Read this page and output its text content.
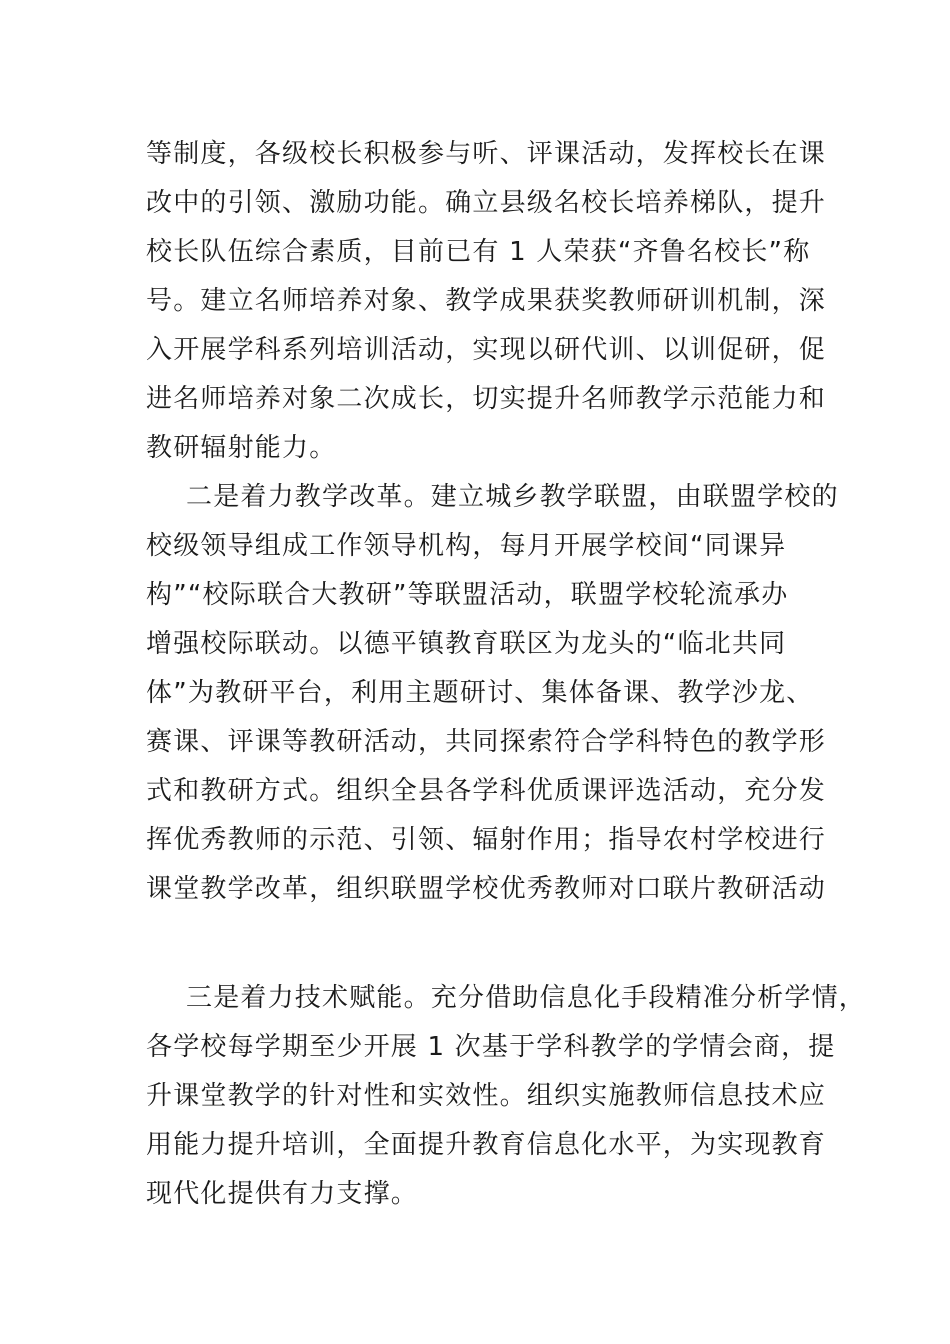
等制度，各级校长积极参与听、评课活动，发挥校长在课
改中的引领、激励功能。确立县级名校长培养梯队，提升
校长队伍综合素质，目前已有 1 人荣获“齐鲁名校长”称
号。建立名师培养对象、教学成果获奖教师研训机制，深
入开展学科系列培训活动，实现以研代训、以训促研，促
进名师培养对象二次成长，切实提升名师教学示范能力和
教研辐射能力。
二是着力教学改革。建立城乡教学联盟，由联盟学校的
校级领导组成工作领导机构，每月开展学校间“同课异
构”“校际联合大教研”等联盟活动，联盟学校轮流承办
增强校际联动。以德平镇教育联区为龙头的“临北共同
体”为教研平台，利用主题研讨、集体备课、教学沙龙、
赛课、评课等教研活动，共同探索符合学科特色的教学形
式和教研方式。组织全县各学科优质课评选活动，充分发
挥优秀教师的示范、引领、辐射作用；指导农村学校进行
课堂教学改革，组织联盟学校优秀教师对口联片教研活动
三是着力技术赋能。充分借助信息化手段精准分析学情，
各学校每学期至少开展 1 次基于学科教学的学情会商，提
升课堂教学的针对性和实效性。组织实施教师信息技术应
用能力提升培训，全面提升教育信息化水平，为实现教育
现代化提供有力支撑。
